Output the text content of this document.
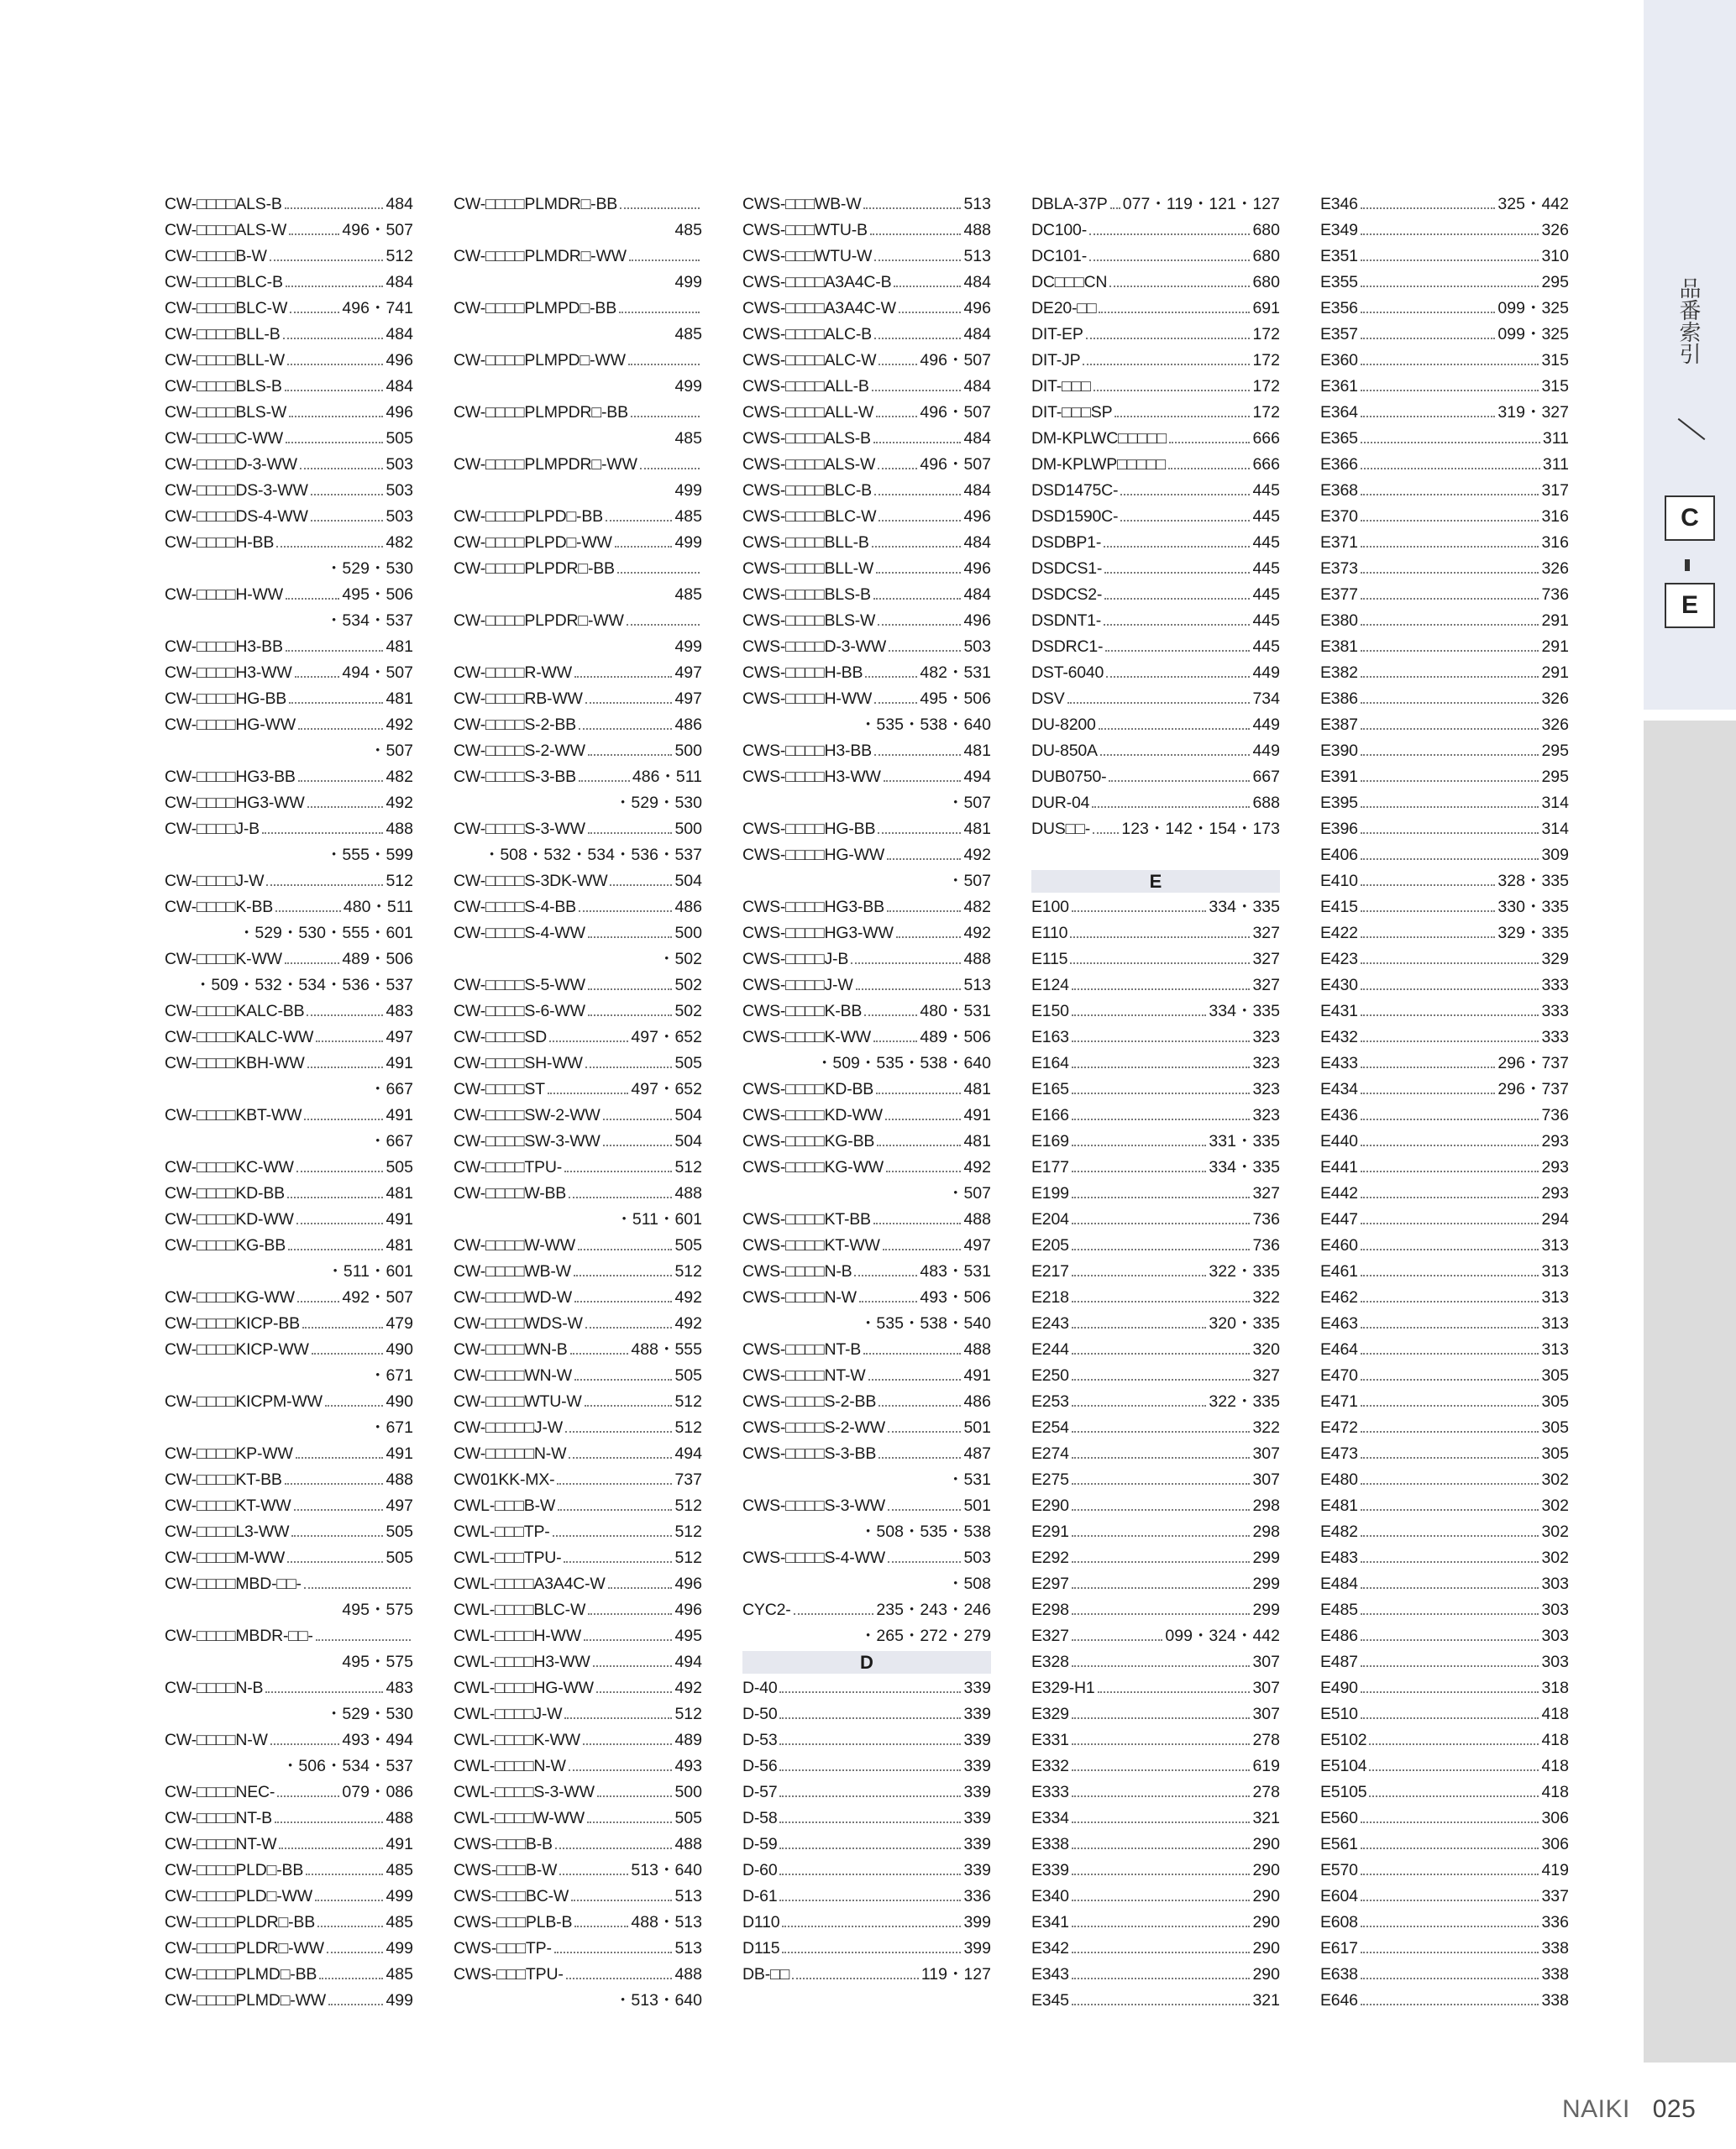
品番索引
C
E
CW-□□□□ALS-B	484
CW-□□□□ALS-W	496・507
CW-□□□□B-W	512
CW-□□□□BLC-B	484
CW-□□□□BLC-W	496・741
CW-□□□□BLL-B	484
CW-□□□□BLL-W	496
CW-□□□□BLS-B	484
CW-□□□□BLS-W	496
CW-□□□□C-WW	505
CW-□□□□D-3-WW	503
CW-□□□□DS-3-WW	503
CW-□□□□DS-4-WW	503
CW-□□□□H-BB	482
・529・530
CW-□□□□H-WW	495・506
・534・537
CW-□□□□H3-BB	481
CW-□□□□H3-WW	494・507
CW-□□□□HG-BB	481
CW-□□□□HG-WW	492
・507
CW-□□□□HG3-BB	482
CW-□□□□HG3-WW	492
CW-□□□□J-B	488
・555・599
CW-□□□□J-W	512
CW-□□□□K-BB	480・511
・529・530・555・601
CW-□□□□K-WW	489・506
・509・532・534・536・537
CW-□□□□KALC-BB	483
CW-□□□□KALC-WW	497
CW-□□□□KBH-WW	491
・667
CW-□□□□KBT-WW	491
・667
CW-□□□□KC-WW	505
CW-□□□□KD-BB	481
CW-□□□□KD-WW	491
CW-□□□□KG-BB	481
・511・601
CW-□□□□KG-WW	492・507
CW-□□□□KICP-BB	479
CW-□□□□KICP-WW	490
・671
CW-□□□□KICPM-WW	490
・671
CW-□□□□KP-WW	491
CW-□□□□KT-BB	488
CW-□□□□KT-WW	497
CW-□□□□L3-WW	505
CW-□□□□M-WW	505
CW-□□□□MBD-□□-
495・575
CW-□□□□MBDR-□□-
495・575
CW-□□□□N-B	483
・529・530
CW-□□□□N-W	493・494
・506・534・537
CW-□□□□NEC-	079・086
CW-□□□□NT-B	488
CW-□□□□NT-W	491
CW-□□□□PLD□-BB	485
CW-□□□□PLD□-WW	499
CW-□□□□PLDR□-BB	485
CW-□□□□PLDR□-WW	499
CW-□□□□PLMD□-BB	485
CW-□□□□PLMD□-WW	499
CW-□□□□PLMDR□-BB
485
CW-□□□□PLMDR□-WW
499
CW-□□□□PLMPD□-BB
485
CW-□□□□PLMPD□-WW
499
CW-□□□□PLMPDR□-BB
485
CW-□□□□PLMPDR□-WW
499
CW-□□□□PLPD□-BB	485
CW-□□□□PLPD□-WW	499
CW-□□□□PLPDR□-BB
485
CW-□□□□PLPDR□-WW
499
CW-□□□□R-WW	497
CW-□□□□RB-WW	497
CW-□□□□S-2-BB	486
CW-□□□□S-2-WW	500
CW-□□□□S-3-BB	486・511
・529・530
CW-□□□□S-3-WW	500
・508・532・534・536・537
CW-□□□□S-3DK-WW	504
CW-□□□□S-4-BB	486
CW-□□□□S-4-WW	500
・502
CW-□□□□S-5-WW	502
CW-□□□□S-6-WW	502
CW-□□□□SD	497・652
CW-□□□□SH-WW	505
CW-□□□□ST	497・652
CW-□□□□SW-2-WW	504
CW-□□□□SW-3-WW	504
CW-□□□□TPU-	512
CW-□□□□W-BB	488
・511・601
CW-□□□□W-WW	505
CW-□□□□WB-W	512
CW-□□□□WD-W	492
CW-□□□□WDS-W	492
CW-□□□□WN-B	488・555
CW-□□□□WN-W	505
CW-□□□□WTU-W	512
CW-□□□□□J-W	512
CW-□□□□□N-W	494
CW01KK-MX-	737
CWL-□□□B-W	512
CWL-□□□TP-	512
CWL-□□□TPU-	512
CWL-□□□□A3A4C-W	496
CWL-□□□□BLC-W	496
CWL-□□□□H-WW	495
CWL-□□□□H3-WW	494
CWL-□□□□HG-WW	492
CWL-□□□□J-W	512
CWL-□□□□K-WW	489
CWL-□□□□N-W	493
CWL-□□□□S-3-WW	500
CWL-□□□□W-WW	505
CWS-□□□B-B	488
CWS-□□□B-W	513・640
CWS-□□□BC-W	513
CWS-□□□PLB-B	488・513
CWS-□□□TP-	513
CWS-□□□TPU-	488
・513・640
CWS-□□□WB-W	513
CWS-□□□WTU-B	488
CWS-□□□WTU-W	513
CWS-□□□□A3A4C-B	484
CWS-□□□□A3A4C-W	496
CWS-□□□□ALC-B	484
CWS-□□□□ALC-W	496・507
CWS-□□□□ALL-B	484
CWS-□□□□ALL-W	496・507
CWS-□□□□ALS-B	484
CWS-□□□□ALS-W	496・507
CWS-□□□□BLC-B	484
CWS-□□□□BLC-W	496
CWS-□□□□BLL-B	484
CWS-□□□□BLL-W	496
CWS-□□□□BLS-B	484
CWS-□□□□BLS-W	496
CWS-□□□□D-3-WW	503
CWS-□□□□H-BB	482・531
CWS-□□□□H-WW	495・506
・535・538・640
CWS-□□□□H3-BB	481
CWS-□□□□H3-WW	494
・507
CWS-□□□□HG-BB	481
CWS-□□□□HG-WW	492
・507
CWS-□□□□HG3-BB	482
CWS-□□□□HG3-WW	492
CWS-□□□□J-B	488
CWS-□□□□J-W	513
CWS-□□□□K-BB	480・531
CWS-□□□□K-WW	489・506
・509・535・538・640
CWS-□□□□KD-BB	481
CWS-□□□□KD-WW	491
CWS-□□□□KG-BB	481
CWS-□□□□KG-WW	492
・507
CWS-□□□□KT-BB	488
CWS-□□□□KT-WW	497
CWS-□□□□N-B	483・531
CWS-□□□□N-W	493・506
・535・538・540
CWS-□□□□NT-B	488
CWS-□□□□NT-W	491
CWS-□□□□S-2-BB	486
CWS-□□□□S-2-WW	501
CWS-□□□□S-3-BB	487
・531
CWS-□□□□S-3-WW	501
・508・535・538
CWS-□□□□S-4-WW	503
・508
CYC2-	235・243・246
・265・272・279
D
D-40	339
D-50	339
D-53	339
D-56	339
D-57	339
D-58	339
D-59	339
D-60	339
D-61	336
D110	399
D115	399
DB-□□	119・127
DBLA-37P 077・119・121・127
DC100-	680
DC101-	680
DC□□□CN	680
DE20-□□	691
DIT-EP	172
DIT-JP	172
DIT-□□□	172
DIT-□□□SP	172
DM-KPLWC□□□□□	666
DM-KPLWP□□□□□	666
DSD1475C-	445
DSD1590C-	445
DSDBP1-	445
DSDCS1-	445
DSDCS2-	445
DSDNT1-	445
DSDRC1-	445
DST-6040	449
DSV	734
DU-8200	449
DU-850A	449
DUB0750-	667
DUR-04	688
DUS□□- 123・142・154・173
E
E100	334・335
E110	327
E115	327
E124	327
E150	334・335
E163	323
E164	323
E165	323
E166	323
E169	331・335
E177	334・335
E199	327
E204	736
E205	736
E217	322・335
E218	322
E243	320・335
E244	320
E250	327
E253	322・335
E254	322
E274	307
E275	307
E290	298
E291	298
E292	299
E297	299
E298	299
E327	099・324・442
E328	307
E329-H1	307
E329	307
E331	278
E332	619
E333	278
E334	321
E338	290
E339	290
E340	290
E341	290
E342	290
E343	290
E345	321
E346	325・442
E349	326
E351	310
E355	295
E356	099・325
E357	099・325
E360	315
E361	315
E364	319・327
E365	311
E366	311
E368	317
E370	316
E371	316
E373	326
E377	736
E380	291
E381	291
E382	291
E386	326
E387	326
E390	295
E391	295
E395	314
E396	314
E406	309
E410	328・335
E415	330・335
E422	329・335
E423	329
E430	333
E431	333
E432	333
E433	296・737
E434	296・737
E436	736
E440	293
E441	293
E442	293
E447	294
E460	313
E461	313
E462	313
E463	313
E464	313
E470	305
E471	305
E472	305
E473	305
E480	302
E481	302
E482	302
E483	302
E484	303
E485	303
E486	303
E487	303
E490	318
E510	418
E5102	418
E5104	418
E5105	418
E560	306
E561	306
E570	419
E604	337
E608	336
E617	338
E638	338
E646	338
NAIKI 025
